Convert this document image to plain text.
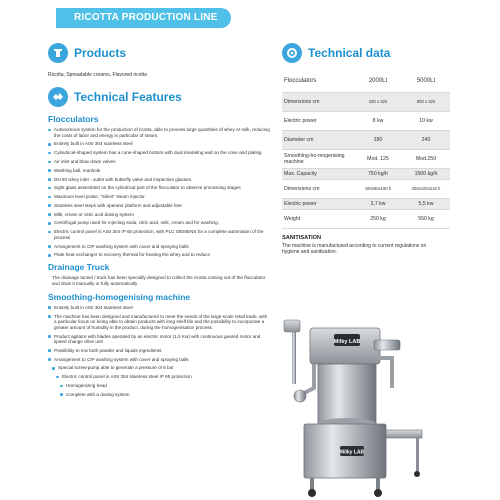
RICOTTA PRODUCTION LINE
Products
Ricotta, Spreadable creams, Flavored ricotta
Technical Features
Flocculators
Autonomous system for the production of ricotta, able to process large quantities of whey or milk, reducing the costs of labor and energy in particular of steam.
Entirely built in AISI 304 stainless steel
Cylindrical-shaped system has a cone-shaped bottom with dual insulating wall on the cone and plating
Air inlet and blow down valves
Washing ball, manhole
DN 50 whey inlet - outlet with butterfly valve and inspection glasses.
Sight glass assembled on the cylindrical part of the flocculator to observe processing stages
Maximum level probe, "Silent" steam injector
Stainless steel steps with operator platform and adjustable feet
Milk, cream or citric acid dosing system
Centrifugal pump used for injecting soda, citric acid, milk, cream and for washing.
Electric control panel in AISI 304 IP 65 protection, with PLC SIEMENS for a complete automation of the process
Arrangement to CIP washing system with cover and spraying balls
Plate heat exchanger to recovery thermal for heating the whey and to reduce
Drainage Truck
The drainage tunnel / truck has been specially designed to collect the ricotta coming out of the flocculator and drain it manually or fully automatically
Smoothing-homogenising machine
Entirely built in AISI 304 stainless steel
The machine has been designed and manufactured to meet the needs of the large-scale retail trade, with a particular focus on being able to obtain products with long shelf life and the possibility to incorporate a greater amount of humidity in the product, during the homogenisation process.
Product agitator with blades operated by an electric motor (1,5 Kw) with continuous geared motor and speed change drive unit
Possibility to mix both powder and liquids ingredients
Arrangement to CIP washing system with cover and spraying balls
Special screw-pump able to generate a pressure of 6 bar
Electric control panel in AISI 304 stainless steel IP 65 protection
Homogenizing head
Complete with a dosing system
Technical data
Flocculators	2000Lt	5000Lt
Dimensions cm	430 x 320	800 x 320
Electric power	8 kw	10 kw
Diameter cm	180	240
Smoothing-ho-mogenising machine	Mod. 125	Mod.250
Max. Capacity	750 kg/h	1500 kg/h
Dimensions cm	160x90x190 h	200x100x215 h
Electric power	3,7 kw	5,5 kw
Weight	250 kg	550 kg
SANITISATION
The machine is manufactured according to current regulations on hygiene and sanitisation.
Milky LAB
Milky LAB
